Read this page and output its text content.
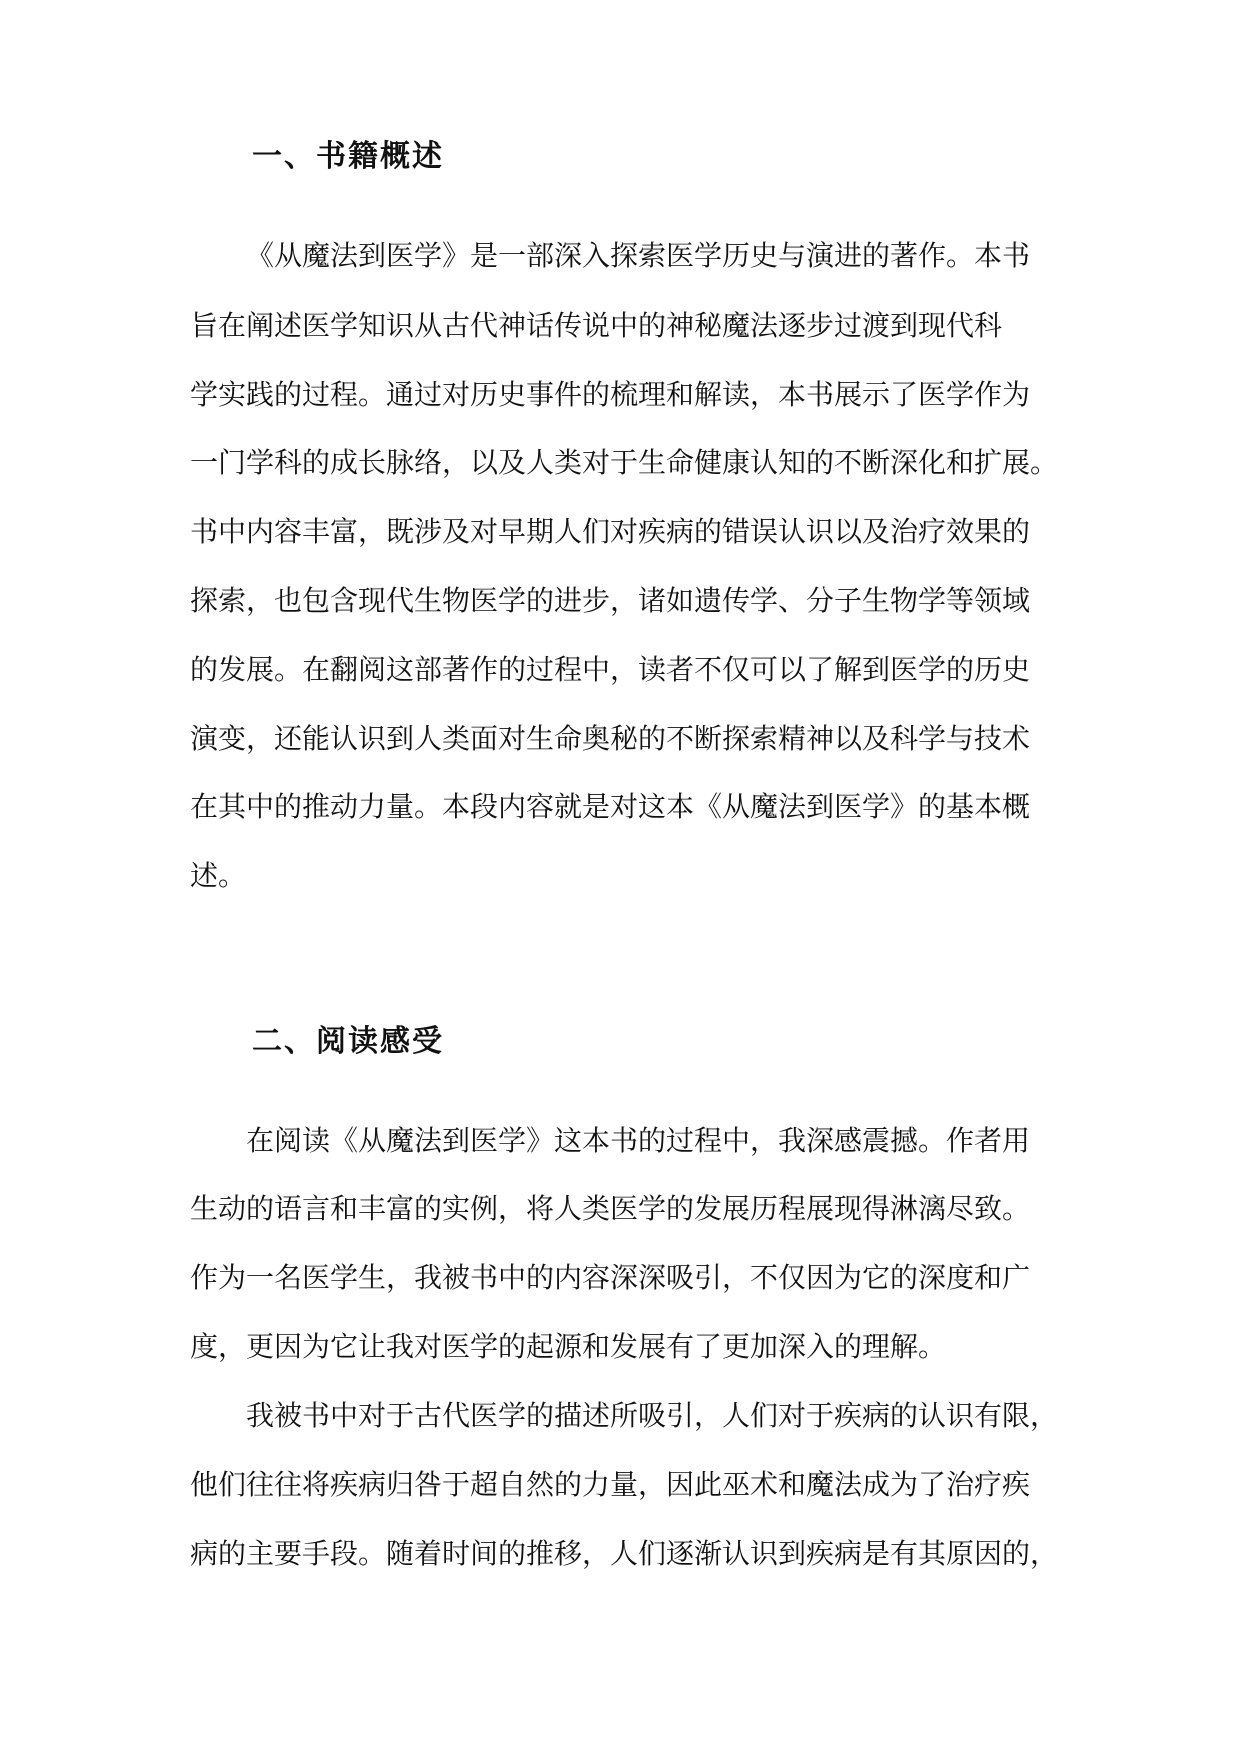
一、书籍概述

《从魔法到医学》是一部深入探索医学历史与演进的著作。本书

旨在阐述医学知识从古代神话传说中的神秘魔法逐步过渡到现代科

学实践的过程。通过对历史事件的梳理和解读，本书展示了医学作为

一门学科的成长脉络，以及人类对于生命健康认知的不断深化和扩展。

书中内容丰富，既涉及对早期人们对疾病的错误认识以及治疗效果的

探索，也包含现代生物医学的进步，诸如遗传学、分子生物学等领域

的发展。在翻阅这部著作的过程中，读者不仅可以了解到医学的历史

演变，还能认识到人类面对生命奥秘的不断探索精神以及科学与技术

在其中的推动力量。本段内容就是对这本《从魔法到医学》的基本概

述。

二、阅读感受

在阅读《从魔法到医学》这本书的过程中，我深感震撼。作者用

生动的语言和丰富的实例，将人类医学的发展历程展现得淋漓尽致。

作为一名医学生，我被书中的内容深深吸引，不仅因为它的深度和广

度，更因为它让我对医学的起源和发展有了更加深入的理解。

我被书中对于古代医学的描述所吸引，人们对于疾病的认识有限，

他们往往将疾病归咎于超自然的力量，因此巫术和魔法成为了治疗疾

病的主要手段。随着时间的推移，人们逐渐认识到疾病是有其原因的，
